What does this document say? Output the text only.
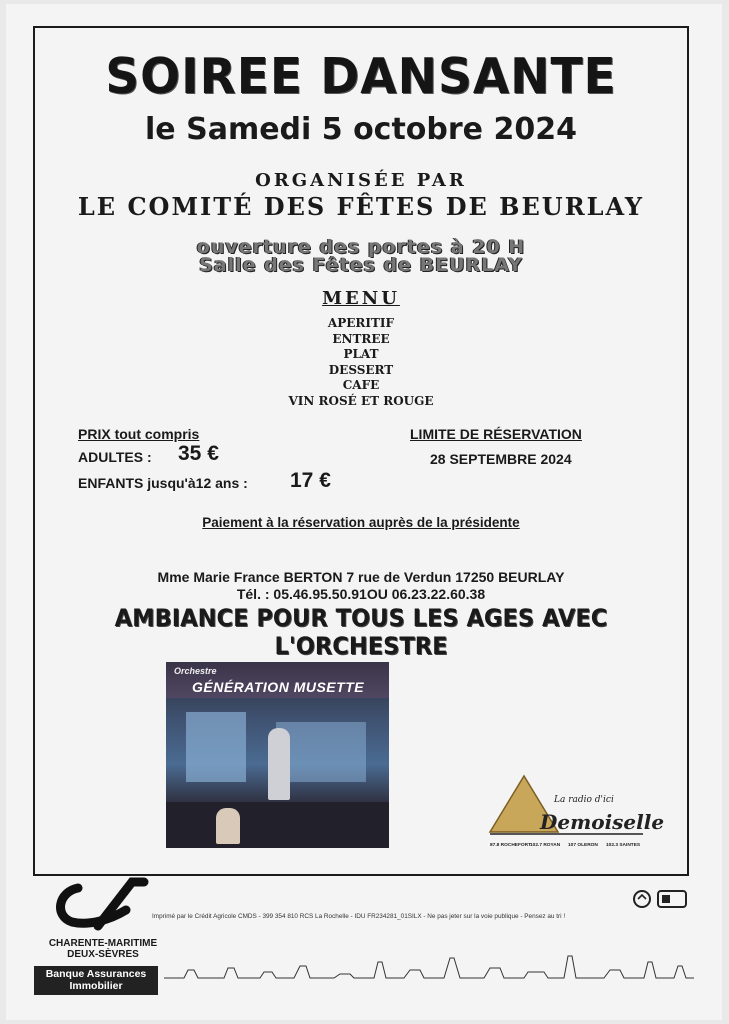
SOIREE DANSANTE
le Samedi 5 octobre 2024
ORGANISÉE PAR
LE COMITÉ DES FÊTES DE BEURLAY
ouverture des portes à 20 H
Salle des Fêtes de BEURLAY
MENU
APERITIF
ENTREE
PLAT
DESSERT
CAFE
VIN ROSÉ ET ROUGE
PRIX tout compris
ADULTES : 35 €
ENFANTS jusqu'à12 ans : 17 €
LIMITE DE RÉSERVATION
28 SEPTEMBRE 2024
Paiement à la réservation auprès de la présidente
Mme Marie France BERTON 7 rue de Verdun 17250 BEURLAY
Tél. : 05.46.95.50.91OU 06.23.22.60.38
AMBIANCE POUR TOUS LES AGES AVEC L'ORCHESTRE
Orchestre
GÉNÉRATION MUSETTE
La radio d'ici
Demoiselle
87.8 ROCHEFORT
102.7 ROYAN 107 OLERON 102.3 SAINTES
CHARENTE-MARITIME DEUX-SÈVRES
Banque Assurances
Immobilier
Imprimé par le Crédit Agricole CMDS - 399 354 810 RCS La Rochelle - IDU FR234281_01SILX - Ne pas jeter sur la voie publique - Pensez au tri !
